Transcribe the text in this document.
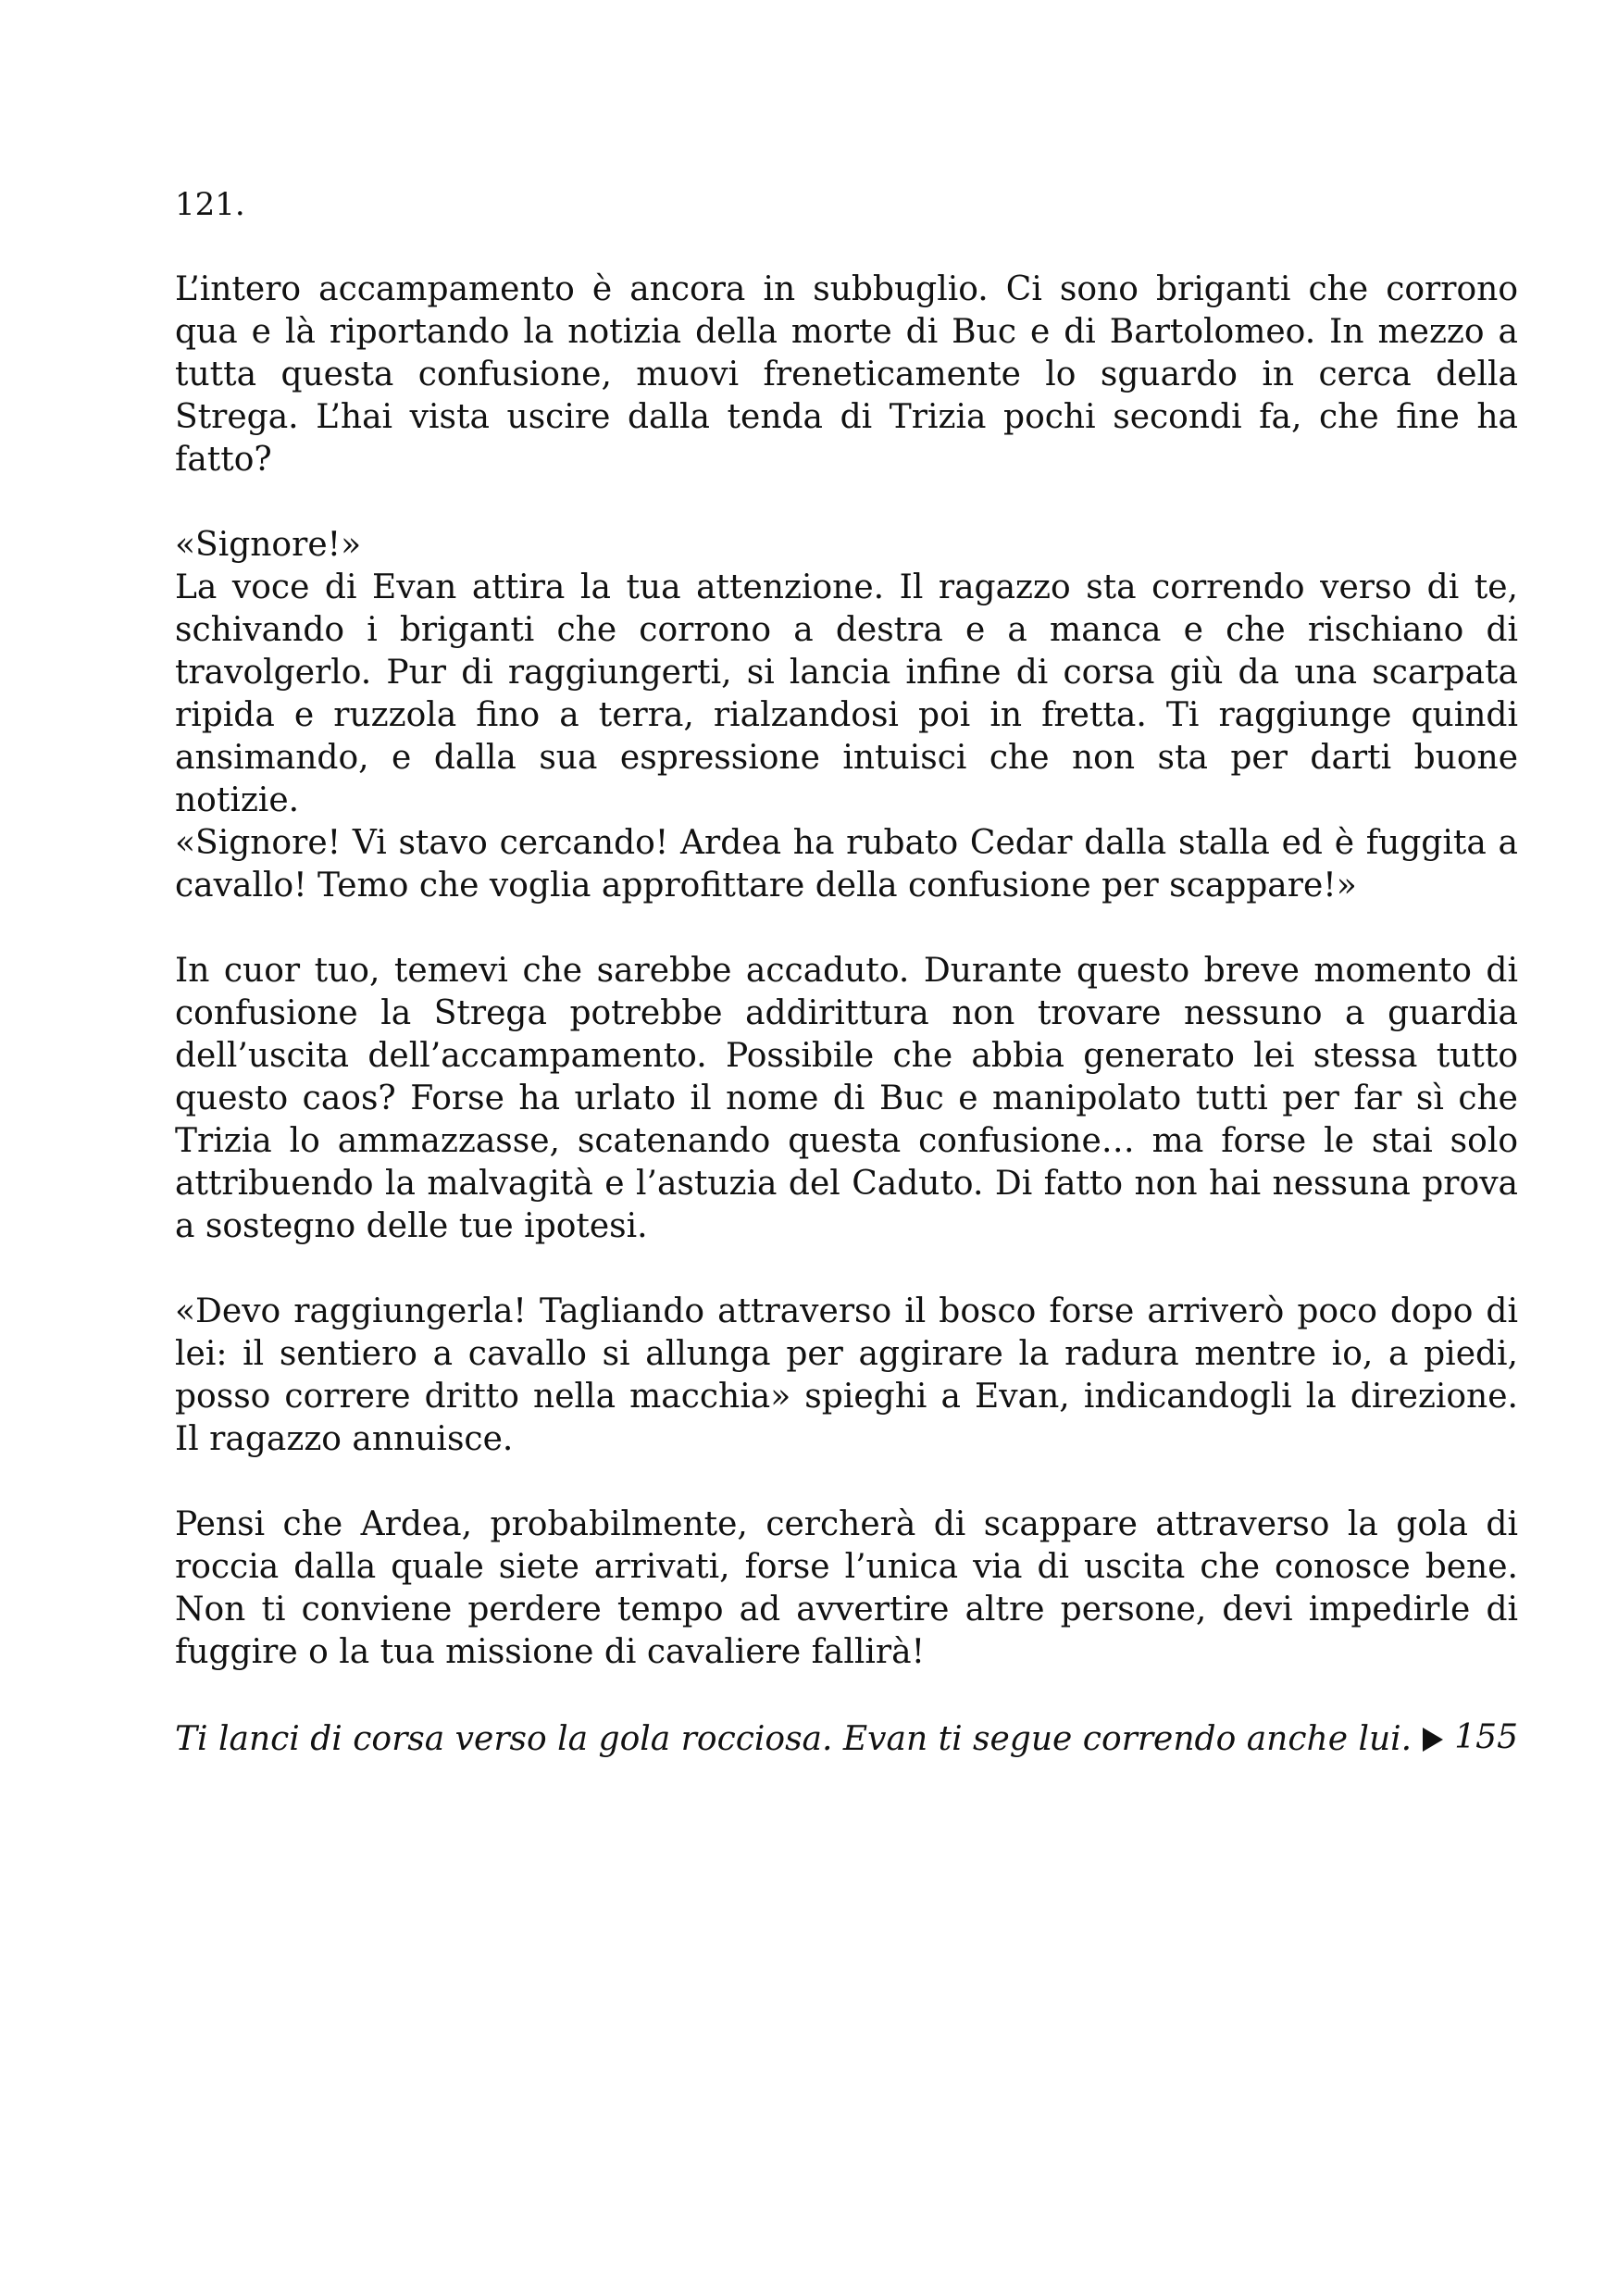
121.

L’intero accampamento è ancora in subbuglio. Ci sono briganti che corrono qua e là riportando la notizia della morte di Buc e di Bartolomeo. In mezzo a tutta questa confusione, muovi freneticamente lo sguardo in cerca della Strega. L’hai vista uscire dalla tenda di Trizia pochi secondi fa, che fine ha fatto?

«Signore!»

La voce di Evan attira la tua attenzione. Il ragazzo sta correndo verso di te, schivando i briganti che corrono a destra e a manca e che rischiano di travolgerlo. Pur di raggiungerti, si lancia infine di corsa giù da una scarpata ripida e ruzzola fino a terra, rialzandosi poi in fretta. Ti raggiunge quindi ansimando, e dalla sua espressione intuisci che non sta per darti buone notizie.

«Signore! Vi stavo cercando! Ardea ha rubato Cedar dalla stalla ed è fuggita a cavallo! Temo che voglia approfittare della confusione per scappare!»

In cuor tuo, temevi che sarebbe accaduto. Durante questo breve momento di confusione la Strega potrebbe addirittura non trovare nessuno a guardia dell’uscita dell’accampamento. Possibile che abbia generato lei stessa tutto questo caos? Forse ha urlato il nome di Buc e manipolato tutti per far sì che Trizia lo ammazzasse, scatenando questa confusione… ma forse le stai solo attribuendo la malvagità e l’astuzia del Caduto. Di fatto non hai nessuna prova a sostegno delle tue ipotesi.

«Devo raggiungerla! Tagliando attraverso il bosco forse arriverò poco dopo di lei: il sentiero a cavallo si allunga per aggirare la radura mentre io, a piedi, posso correre dritto nella macchia» spieghi a Evan, indicandogli la direzione. Il ragazzo annuisce.

Pensi che Ardea, probabilmente, cercherà di scappare attraverso la gola di roccia dalla quale siete arrivati, forse l’unica via di uscita che conosce bene. Non ti conviene perdere tempo ad avvertire altre persone, devi impedirle di fuggire o la tua missione di cavaliere fallirà!

Ti lanci di corsa verso la gola rocciosa. Evan ti segue correndo anche lui. 155
